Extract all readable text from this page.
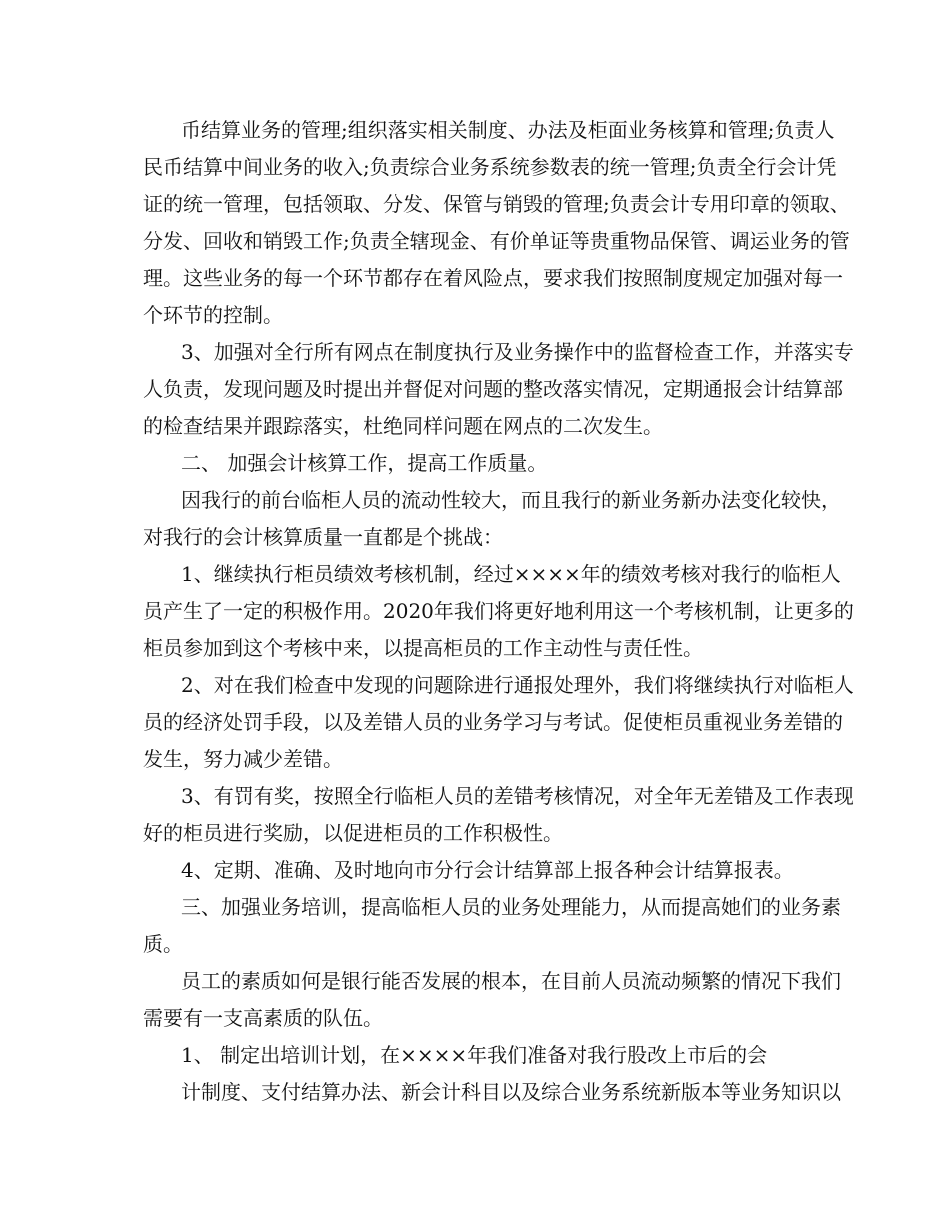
币结算业务的管理;组织落实相关制度、办法及柜面业务核算和管理;负责人
民币结算中间业务的收入;负责综合业务系统参数表的统一管理;负责全行会计凭
证的统一管理，包括领取、分发、保管与销毁的管理;负责会计专用印章的领取、
分发、回收和销毁工作;负责全辖现金、有价单证等贵重物品保管、调运业务的管
理。这些业务的每一个环节都存在着风险点，要求我们按照制度规定加强对每一
个环节的控制。
3、加强对全行所有网点在制度执行及业务操作中的监督检查工作，并落实专
人负责，发现问题及时提出并督促对问题的整改落实情况，定期通报会计结算部
的检查结果并跟踪落实，杜绝同样问题在网点的二次发生。
二、 加强会计核算工作，提高工作质量。
因我行的前台临柜人员的流动性较大，而且我行的新业务新办法变化较快，
对我行的会计核算质量一直都是个挑战：
1、继续执行柜员绩效考核机制，经过××××年的绩效考核对我行的临柜人
员产生了一定的积极作用。2020年我们将更好地利用这一个考核机制，让更多的
柜员参加到这个考核中来，以提高柜员的工作主动性与责任性。
2、对在我们检查中发现的问题除进行通报处理外，我们将继续执行对临柜人
员的经济处罚手段，以及差错人员的业务学习与考试。促使柜员重视业务差错的
发生，努力减少差错。
3、有罚有奖，按照全行临柜人员的差错考核情况，对全年无差错及工作表现
好的柜员进行奖励，以促进柜员的工作积极性。
4、定期、准确、及时地向市分行会计结算部上报各种会计结算报表。
三、加强业务培训，提高临柜人员的业务处理能力，从而提高她们的业务素
质。
员工的素质如何是银行能否发展的根本，在目前人员流动频繁的情况下我们
需要有一支高素质的队伍。
1、 制定出培训计划，在××××年我们准备对我行股改上市后的会
计制度、支付结算办法、新会计科目以及综合业务系统新版本等业务知识以
